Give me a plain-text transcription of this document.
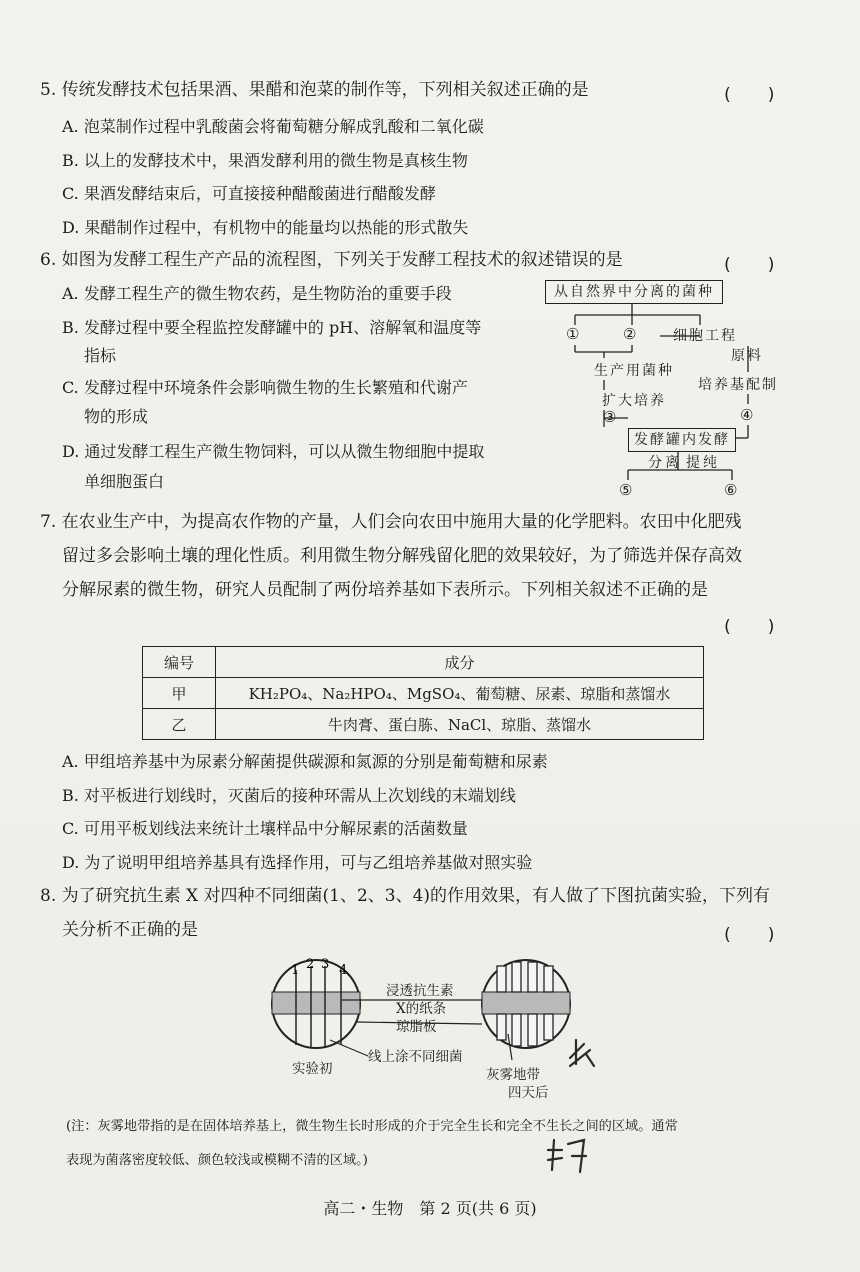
5. 传统发酵技术包括果酒、果醋和泡菜的制作等，下列相关叙述正确的是	(　　)
A. 泡菜制作过程中乳酸菌会将葡萄糖分解成乳酸和二氧化碳
B. 以上的发酵技术中，果酒发酵利用的微生物是真核生物
C. 果酒发酵结束后，可直接接种醋酸菌进行醋酸发酵
D. 果醋制作过程中，有机物中的能量均以热能的形式散失
6. 如图为发酵工程生产产品的流程图，下列关于发酵工程技术的叙述错误的是	(　　)
A. 发酵工程生产的微生物农药，是生物防治的重要手段
B. 发酵过程中要全程监控发酵罐中的 pH、溶解氧和温度等
指标
C. 发酵过程中环境条件会影响微生物的生长繁殖和代谢产
物的形成
D. 通过发酵工程生产微生物饲料，可以从微生物细胞中提取
单细胞蛋白
从自然界中分离的菌种
①	②	细胞工程
原料
生产用菌种
培养基配制
扩大培养
③	④
发酵罐内发酵
分离 提纯
⑤	⑥
7. 在农业生产中，为提高农作物的产量，人们会向农田中施用大量的化学肥料。农田中化肥残
留过多会影响土壤的理化性质。利用微生物分解残留化肥的效果较好，为了筛选并保存高效
分解尿素的微生物，研究人员配制了两份培养基如下表所示。下列相关叙述不正确的是
(　　)
编号	成分
甲	KH₂PO₄、Na₂HPO₄、MgSO₄、葡萄糖、尿素、琼脂和蒸馏水
乙	牛肉膏、蛋白胨、NaCl、琼脂、蒸馏水
A. 甲组培养基中为尿素分解菌提供碳源和氮源的分别是葡萄糖和尿素
B. 对平板进行划线时，灭菌后的接种环需从上次划线的末端划线
C. 可用平板划线法来统计土壤样品中分解尿素的活菌数量
D. 为了说明甲组培养基具有选择作用，可与乙组培养基做对照实验
8. 为了研究抗生素 X 对四种不同细菌(1、2、3、4)的作用效果，有人做了下图抗菌实验，下列有
关分析不正确的是	(　　)
1 2 3 4
浸透抗生素
X的纸条
琼脂板
线上涂不同细菌
实验初	灰雾地带
四天后
(注：灰雾地带指的是在固体培养基上，微生物生长时形成的介于完全生长和完全不生长之间的区域。通常
表现为菌落密度较低、颜色较浅或模糊不清的区域。)
高二・生物　第 2 页(共 6 页)
